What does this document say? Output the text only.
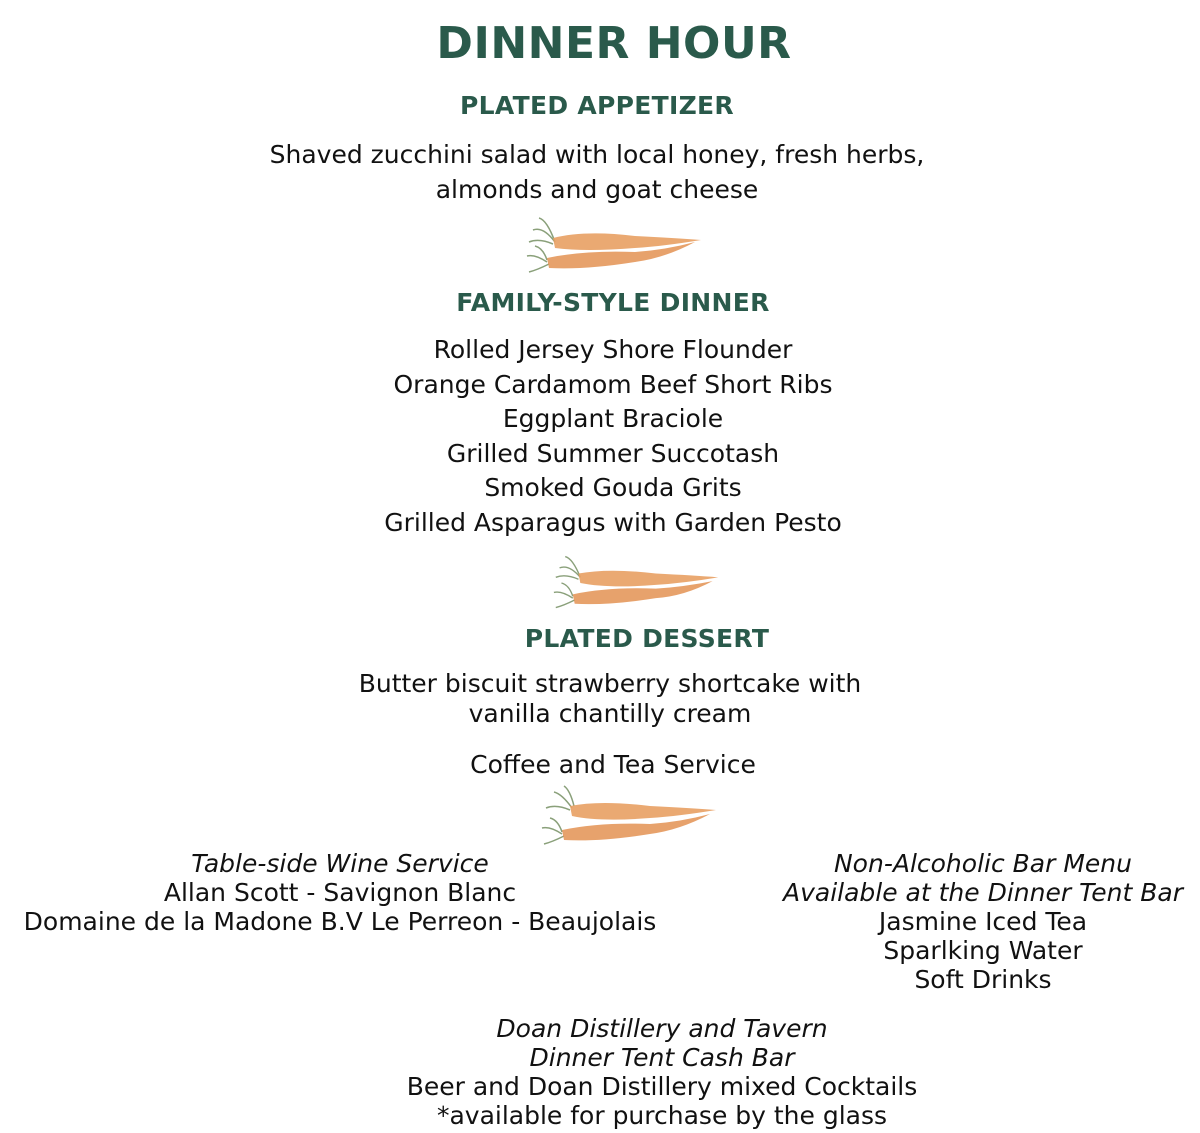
DINNER HOUR
PLATED APPETIZER
Shaved zucchini salad with local honey, fresh herbs,
almonds and goat cheese
FAMILY-STYLE DINNER
Rolled Jersey Shore Flounder
Orange Cardamom Beef Short Ribs
Eggplant Braciole
Grilled Summer Succotash
Smoked Gouda Grits
Grilled Asparagus with Garden Pesto
PLATED DESSERT
Butter biscuit strawberry shortcake with
vanilla chantilly cream
Coffee and Tea Service
Table-side Wine Service
Allan Scott - Savignon Blanc
Domaine de la Madone B.V Le Perreon - Beaujolais
Non-Alcoholic Bar Menu
Available at the Dinner Tent Bar
Jasmine Iced Tea
Sparlking Water
Soft Drinks
Doan Distillery and Tavern
Dinner Tent Cash Bar
Beer and Doan Distillery mixed Cocktails
*available for purchase by the glass
